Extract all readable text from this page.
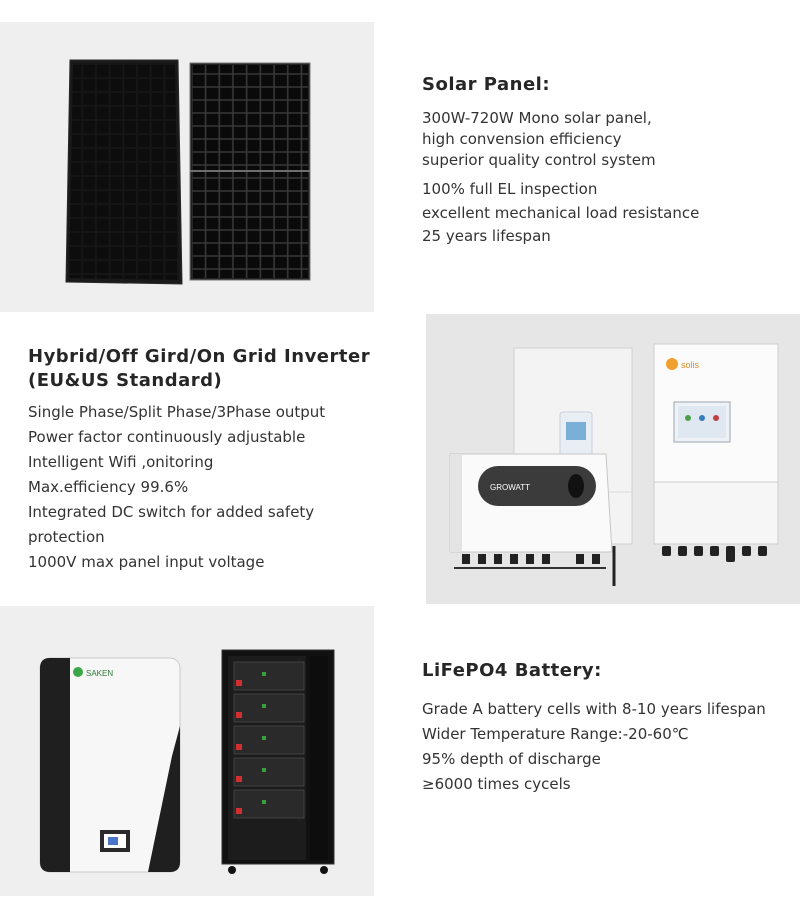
Solar Panel:
300W-720W Mono solar panel,
high convension efficiency
superior quality control system
100% full EL inspection
excellent mechanical load resistance
25 years lifespan
Hybrid/Off Gird/On Grid Inverter
(EU&US Standard)
Single Phase/Split Phase/3Phase output
Power factor continuously adjustable
Intelligent Wifi ,onitoring
Max.efficiency 99.6%
Integrated DC switch for added safety
protection
1000V max panel input voltage
solis
GROWATT
SAKEN	LiFePO4 Battery:
Grade A battery cells with 8-10 years lifespan
Wider Temperature Range:-20-60℃
95% depth of discharge
≥6000 times cycels
